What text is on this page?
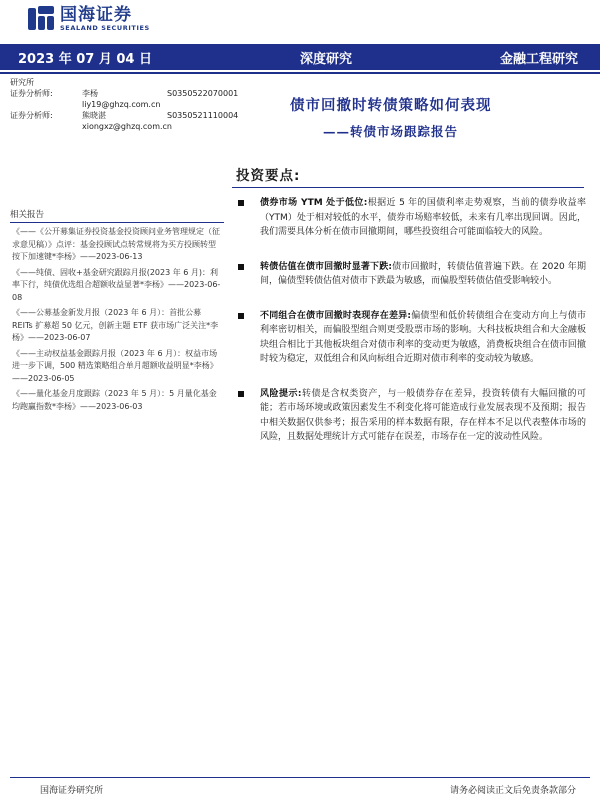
国海证券
SEALAND SECURITIES
2023 年 07 月 04 日	深度研究	金融工程研究
研究所
证券分析师:	李杨	S0350522070001
liy19@ghzq.com.cn
证券分析师:	熊晓湛	S0350521110004
xiongxz@ghzq.com.cn
债市回撤时转债策略如何表现
——转债市场跟踪报告
投资要点:
相关报告
《——《公开募集证券投资基金投资顾问业务管理规定（征求意见稿）》点评：基金投顾试点转常规将为买方投顾转型按下加速键*李杨》——2023-06-13
《——纯债、固收+基金研究跟踪月报(2023 年 6 月)：利率下行，纯债优选组合超额收益显著*李杨》——2023-06-08
《——公募基金新发月报（2023 年 6 月）：首批公募 REITs 扩募超 50 亿元，创新主题 ETF 获市场广泛关注*李杨》——2023-06-07
《——主动权益基金跟踪月报（2023 年 6 月）：权益市场进一步下调，500 精选策略组合单月超额收益明显*李杨》——2023-06-05
《——量化基金月度跟踪（2023 年 5 月）：5 月量化基金均跑赢指数*李杨》——2023-06-03
债券市场 YTM 处于低位:根据近 5 年的国债利率走势观察，当前的债券收益率（YTM）处于相对较低的水平，债券市场赔率较低，未来有几率出现回调。因此，我们需要具体分析在债市回撤期间，哪些投资组合可能面临较大的风险。
转债估值在债市回撤时显著下跌:债市回撤时，转债估值普遍下跌。在 2020 年期间，偏债型转债估值对债市下跌最为敏感，而偏股型转债估值受影响较小。
不同组合在债市回撤时表现存在差异:偏债型和低价转债组合在变动方向上与债市利率密切相关，而偏股型组合则更受股票市场的影响。大科技板块组合和大金融板块组合相比于其他板块组合对债市利率的变动更为敏感，消费板块组合在债市回撤时较为稳定，双低组合和风向标组合近期对债市利率的变动较为敏感。
风险提示:转债是含权类资产，与一般债券存在差异，投资转债有大幅回撤的可能；若市场环境或政策因素发生不利变化将可能造成行业发展表现不及预期；报告中相关数据仅供参考；报告采用的样本数据有限，存在样本不足以代表整体市场的风险，且数据处理统计方式可能存在误差，市场存在一定的波动性风险。
国海证券研究所	请务必阅读正文后免责条款部分
